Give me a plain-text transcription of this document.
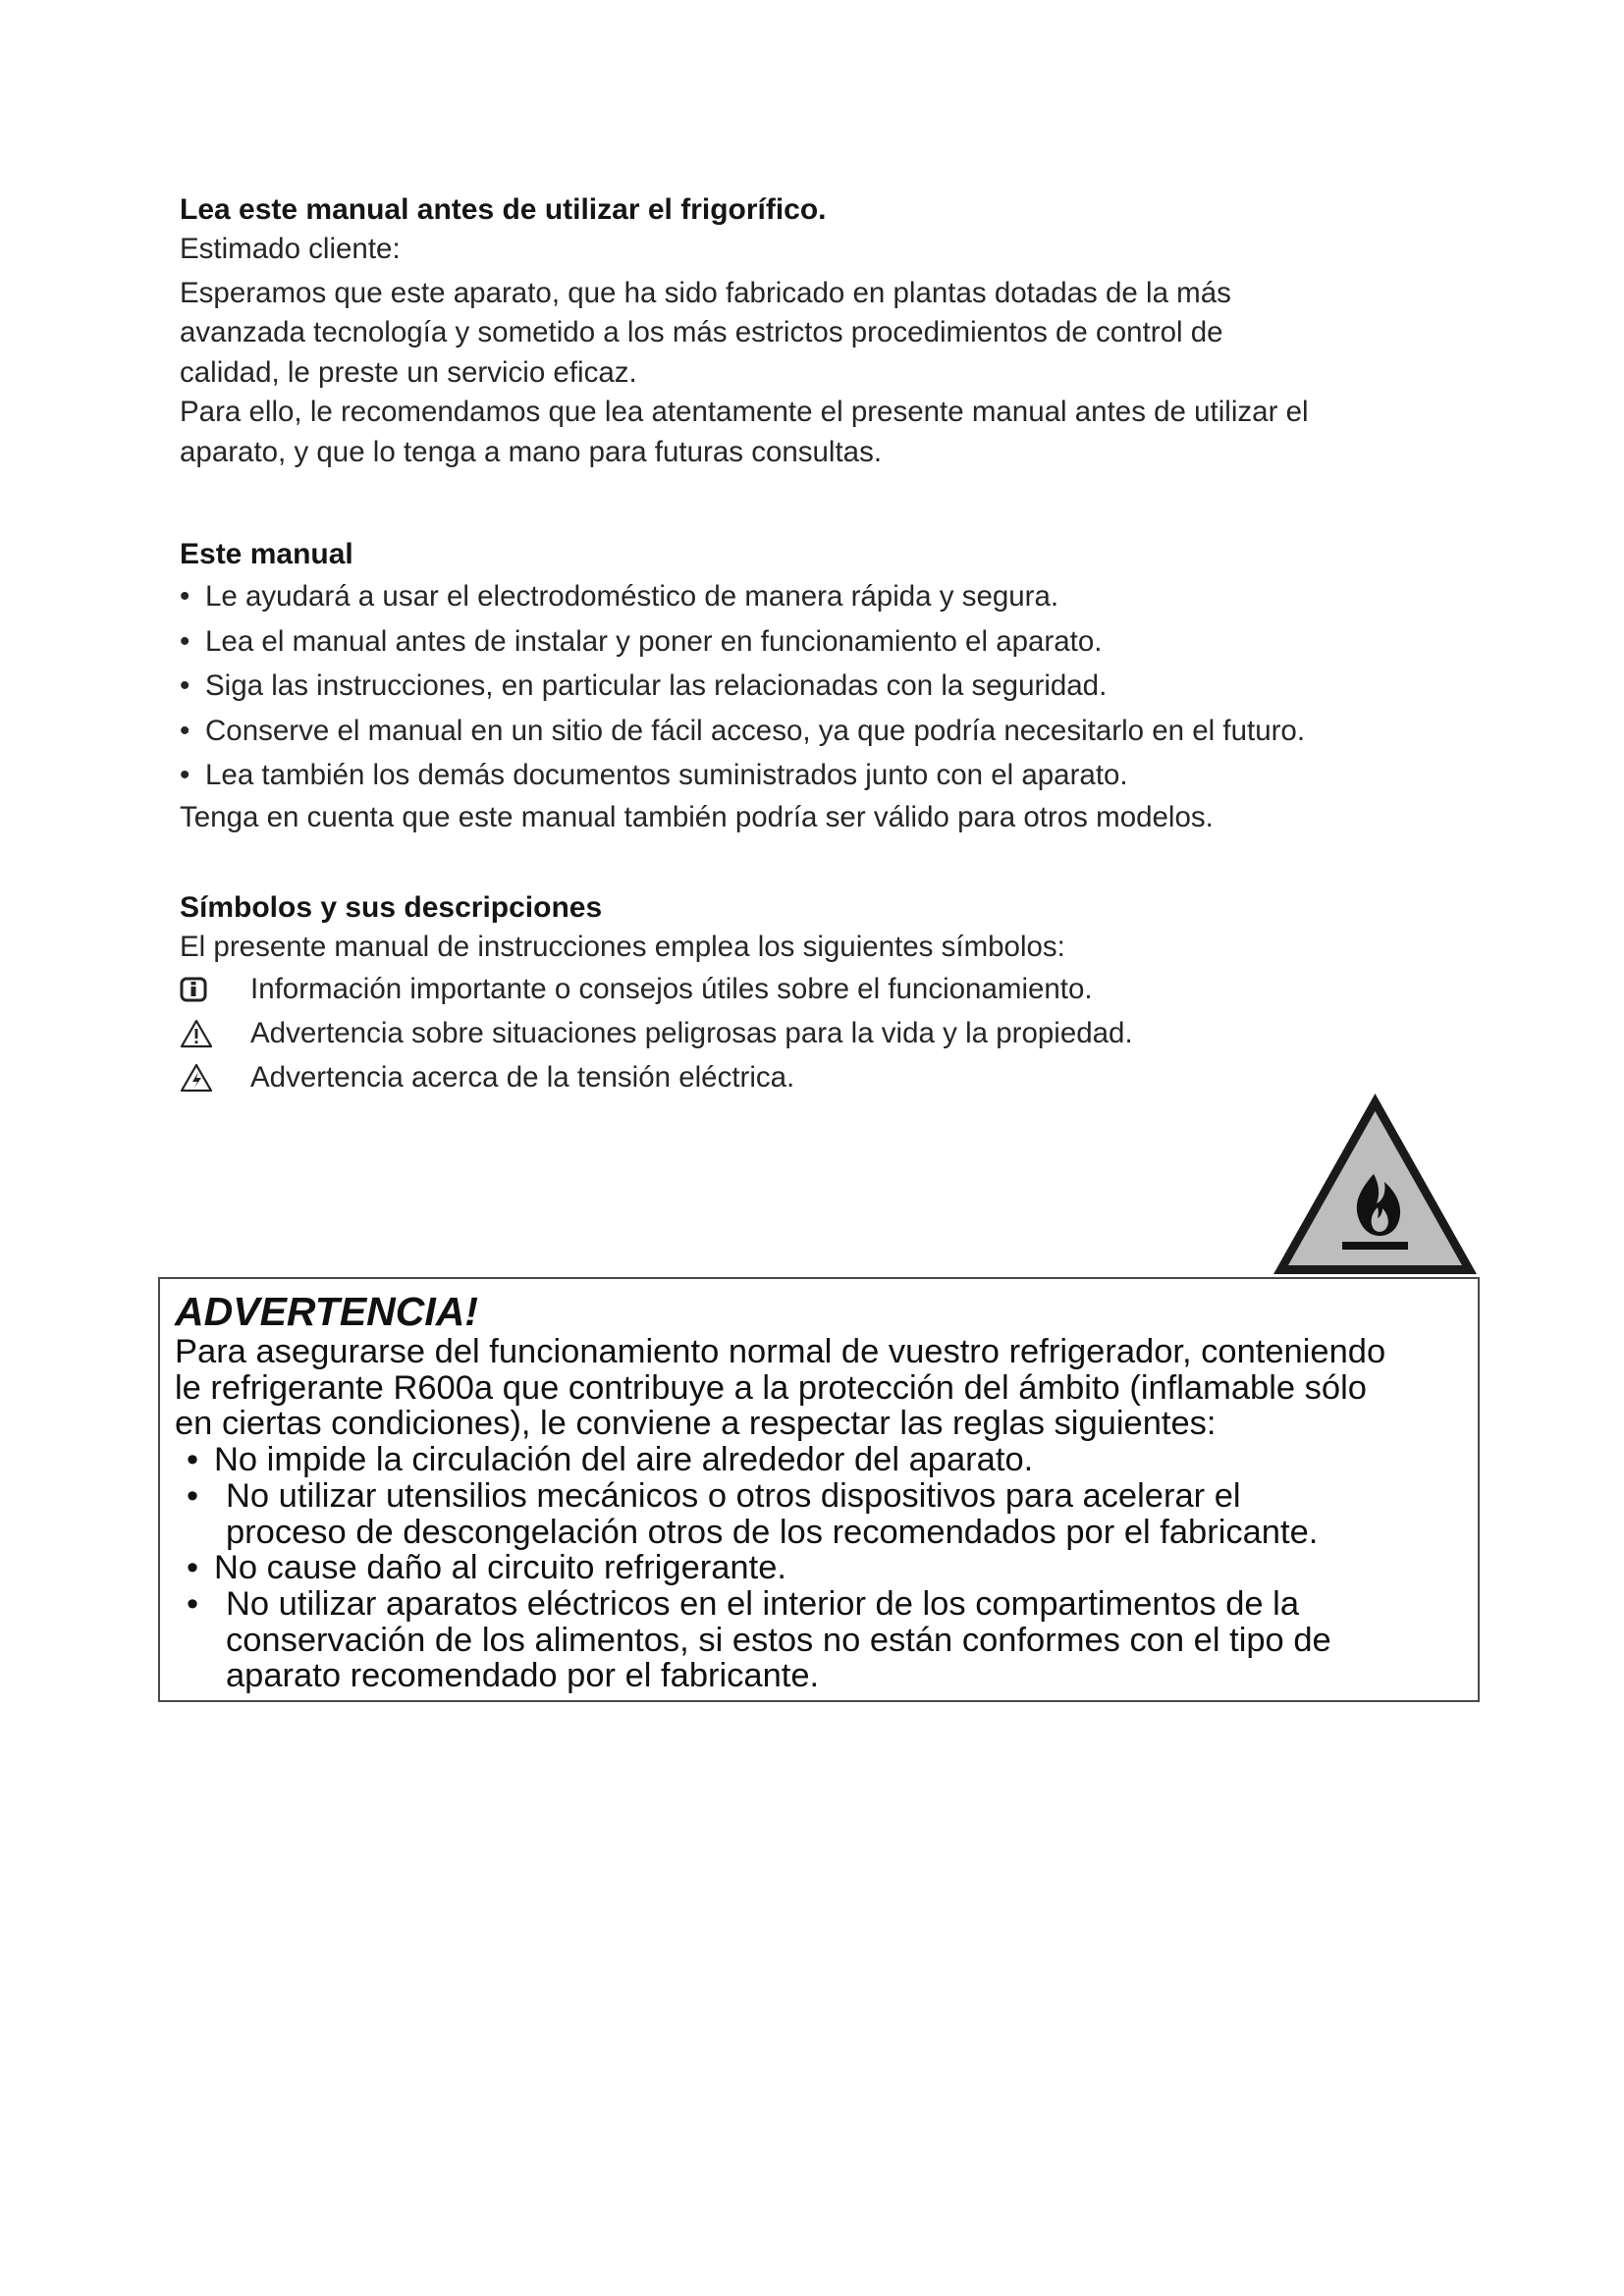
Lea este manual antes de utilizar el frigorífico.

Estimado cliente:

Esperamos que este aparato, que ha sido fabricado en plantas dotadas de la más

avanzada tecnología y sometido a los más estrictos procedimientos de control de

calidad, le preste un servicio eficaz.

Para ello, le recomendamos que lea atentamente el presente manual antes de utilizar el

aparato, y que lo tenga a mano para futuras consultas.

Este manual

• Le ayudará a usar el electrodoméstico de manera rápida y segura.

• Lea el manual antes de instalar y poner en funcionamiento el aparato.

• Siga las instrucciones, en particular las relacionadas con la seguridad.

• Conserve el manual en un sitio de fácil acceso, ya que podría necesitarlo en el futuro.

• Lea también los demás documentos suministrados junto con el aparato.

Tenga en cuenta que este manual también podría ser válido para otros modelos.

Símbolos y sus descripciones

El presente manual de instrucciones emplea los siguientes símbolos:

Información importante o consejos útiles sobre el funcionamiento.
Advertencia sobre situaciones peligrosas para la vida y la propiedad.
Advertencia acerca de la tensión eléctrica.

ADVERTENCIA!

Para asegurarse del funcionamiento normal de vuestro refrigerador, conteniendo

le refrigerante R600a que contribuye a la protección del ámbito (inflamable sólo

en ciertas condiciones), le conviene a respectar las reglas siguientes:

• No impide la circulación del aire alrededor del aparato.
• No utilizar utensilios mecánicos o otros dispositivos para acelerar el
proceso de descongelación otros de los recomendados por el fabricante.
• No cause daño al circuito refrigerante.
• No utilizar aparatos eléctricos en el interior de los compartimentos de la
conservación de los alimentos, si estos no están conformes con el tipo de
aparato recomendado por el fabricante.
